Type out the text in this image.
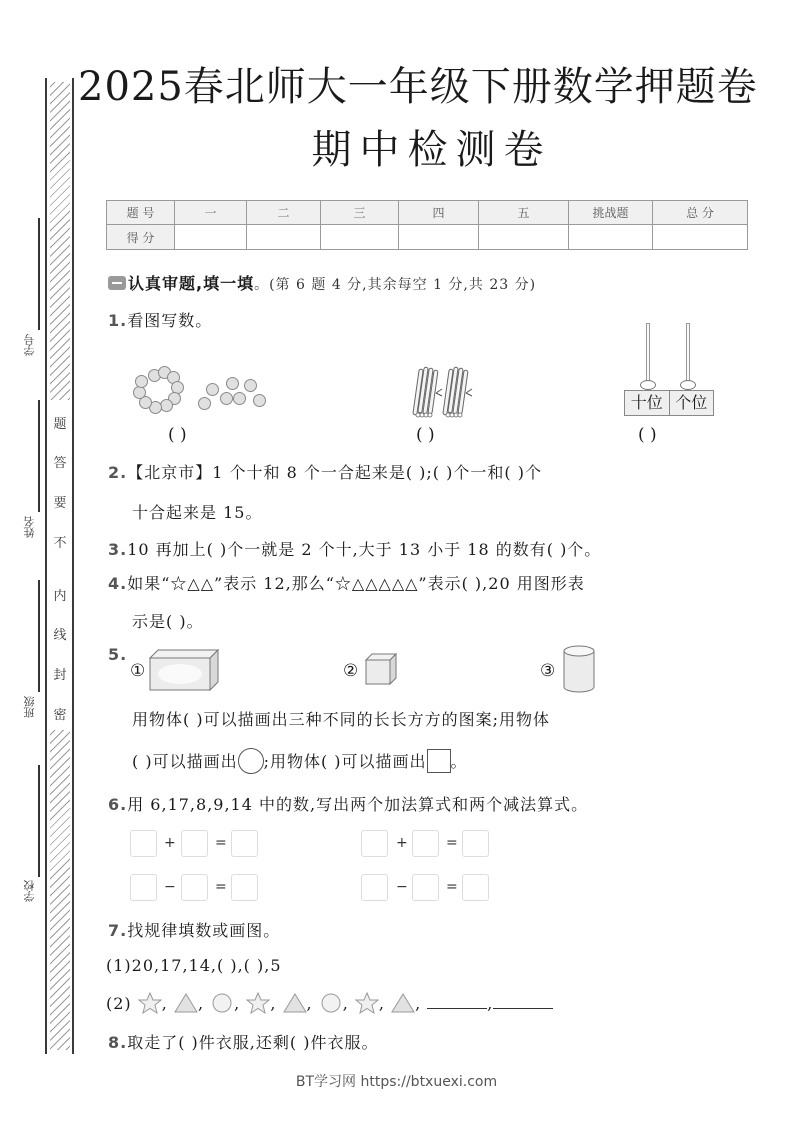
题
答
要
不
内
线
封
密
学号
姓名
班级
学校
2025春北师大一年级下册数学押题卷
期中检测卷
题 号	一	二	三	四	五	挑战题	总 分
得 分							
认真审题,填一填。(第 6 题 4 分,其余每空 1 分,共 23 分)
1.看图写数。
( )	( )
十位 个位
( )
2.【北京市】1 个十和 8 个一合起来是( );( )个一和( )个
十合起来是 15。
3.10 再加上( )个一就是 2 个十,大于 13 小于 18 的数有( )个。
4.如果“☆△△”表示 12,那么“☆△△△△△”表示( ),20 用图形表
示是( )。
5.
①	②	③
用物体( )可以描画出三种不同的长长方方的图案;用物体
( )可以描画出 ;用物体( )可以描画出 。
6.用 6,17,8,9,14 中的数,写出两个加法算式和两个减法算式。
+	=	+	=
−	=	−	=
7.找规律填数或画图。
(1)20,17,14,( ),( ),5
(2) , , , , , , , ,	,
8.取走了( )件衣服,还剩( )件衣服。
BT学习网 https://btxuexi.com
